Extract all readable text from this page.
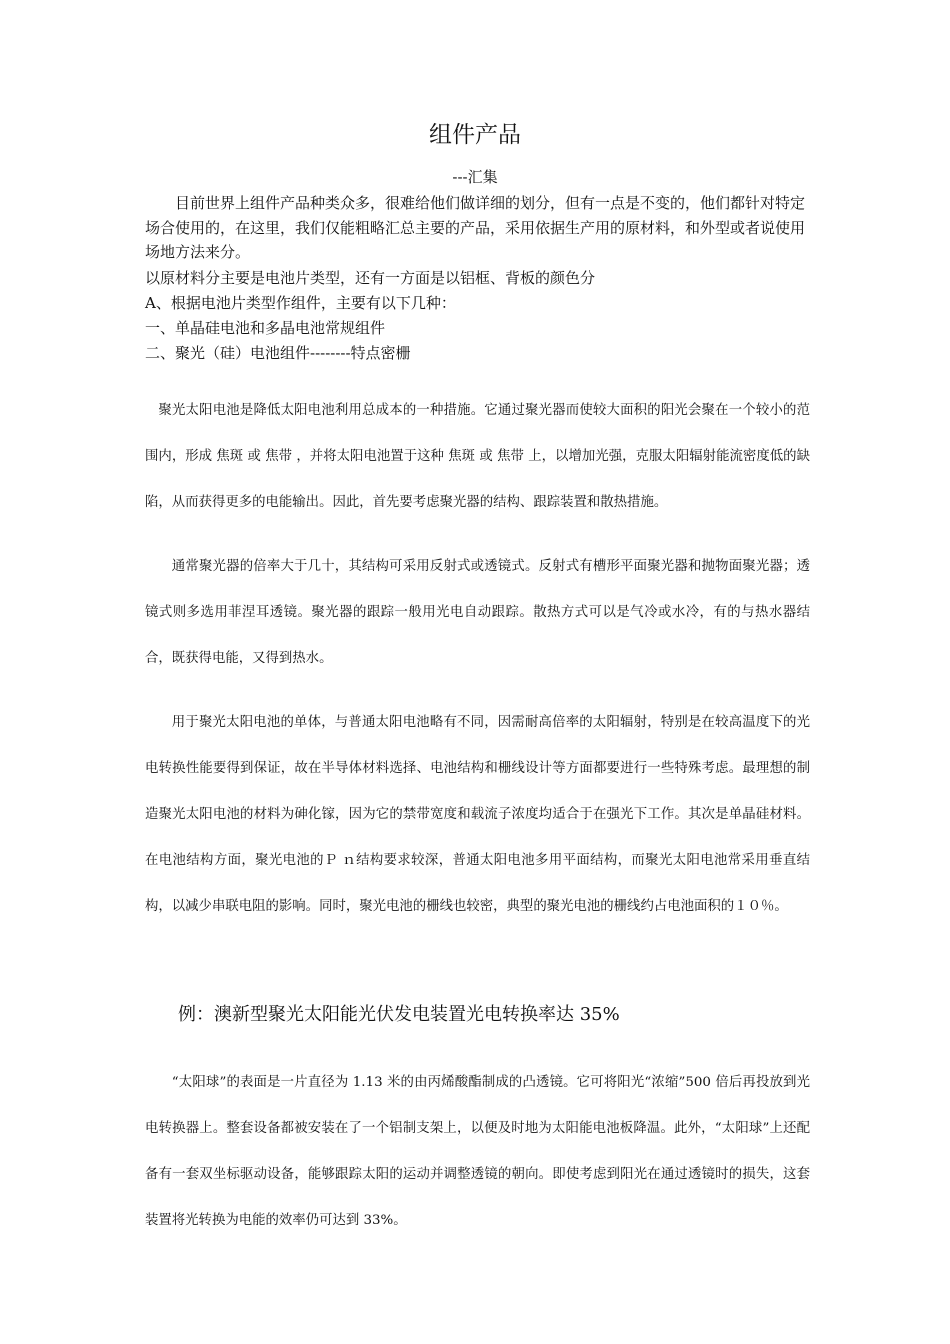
组件产品
---汇集

目前世界上组件产品种类众多，很难给他们做详细的划分，但有一点是不变的，他们都针对特定场合使用的，在这里，我们仅能粗略汇总主要的产品，采用依据生产用的原材料，和外型或者说使用场地方法来分。

以原材料分主要是电池片类型，还有一方面是以铝框、背板的颜色分
A、根据电池片类型作组件，主要有以下几种：
一、单晶硅电池和多晶电池常规组件
二、聚光（硅）电池组件--------特点密栅

聚光太阳电池是降低太阳电池利用总成本的一种措施。它通过聚光器而使较大面积的阳光会聚在一个较小的范围内，形成 焦斑 或 焦带 ，并将太阳电池置于这种 焦斑 或 焦带 上，以增加光强，克服太阳辐射能流密度低的缺陷，从而获得更多的电能输出。因此，首先要考虑聚光器的结构、跟踪装置和散热措施。

通常聚光器的倍率大于几十，其结构可采用反射式或透镜式。反射式有槽形平面聚光器和抛物面聚光器；透镜式则多选用菲涅耳透镜。聚光器的跟踪一般用光电自动跟踪。散热方式可以是气冷或水冷，有的与热水器结合，既获得电能，又得到热水。

用于聚光太阳电池的单体，与普通太阳电池略有不同，因需耐高倍率的太阳辐射，特别是在较高温度下的光电转换性能要得到保证，故在半导体材料选择、电池结构和栅线设计等方面都要进行一些特殊考虑。最理想的制造聚光太阳电池的材料为砷化镓，因为它的禁带宽度和载流子浓度均适合于在强光下工作。其次是单晶硅材料。在电池结构方面，聚光电池的Ｐ ｎ结构要求较深，普通太阳电池多用平面结构，而聚光太阳电池常采用垂直结构，以减少串联电阻的影响。同时，聚光电池的栅线也较密，典型的聚光电池的栅线约占电池面积的１０％。

例：澳新型聚光太阳能光伏发电装置光电转换率达 35%

“太阳球”的表面是一片直径为 1.13 米的由丙烯酸酯制成的凸透镜。它可将阳光“浓缩”500 倍后再投放到光电转换器上。整套设备都被安装在了一个铝制支架上，以便及时地为太阳能电池板降温。此外，“太阳球”上还配备有一套双坐标驱动设备，能够跟踪太阳的运动并调整透镜的朝向。即使考虑到阳光在通过透镜时的损失，这套装置将光转换为电能的效率仍可达到 33%。
